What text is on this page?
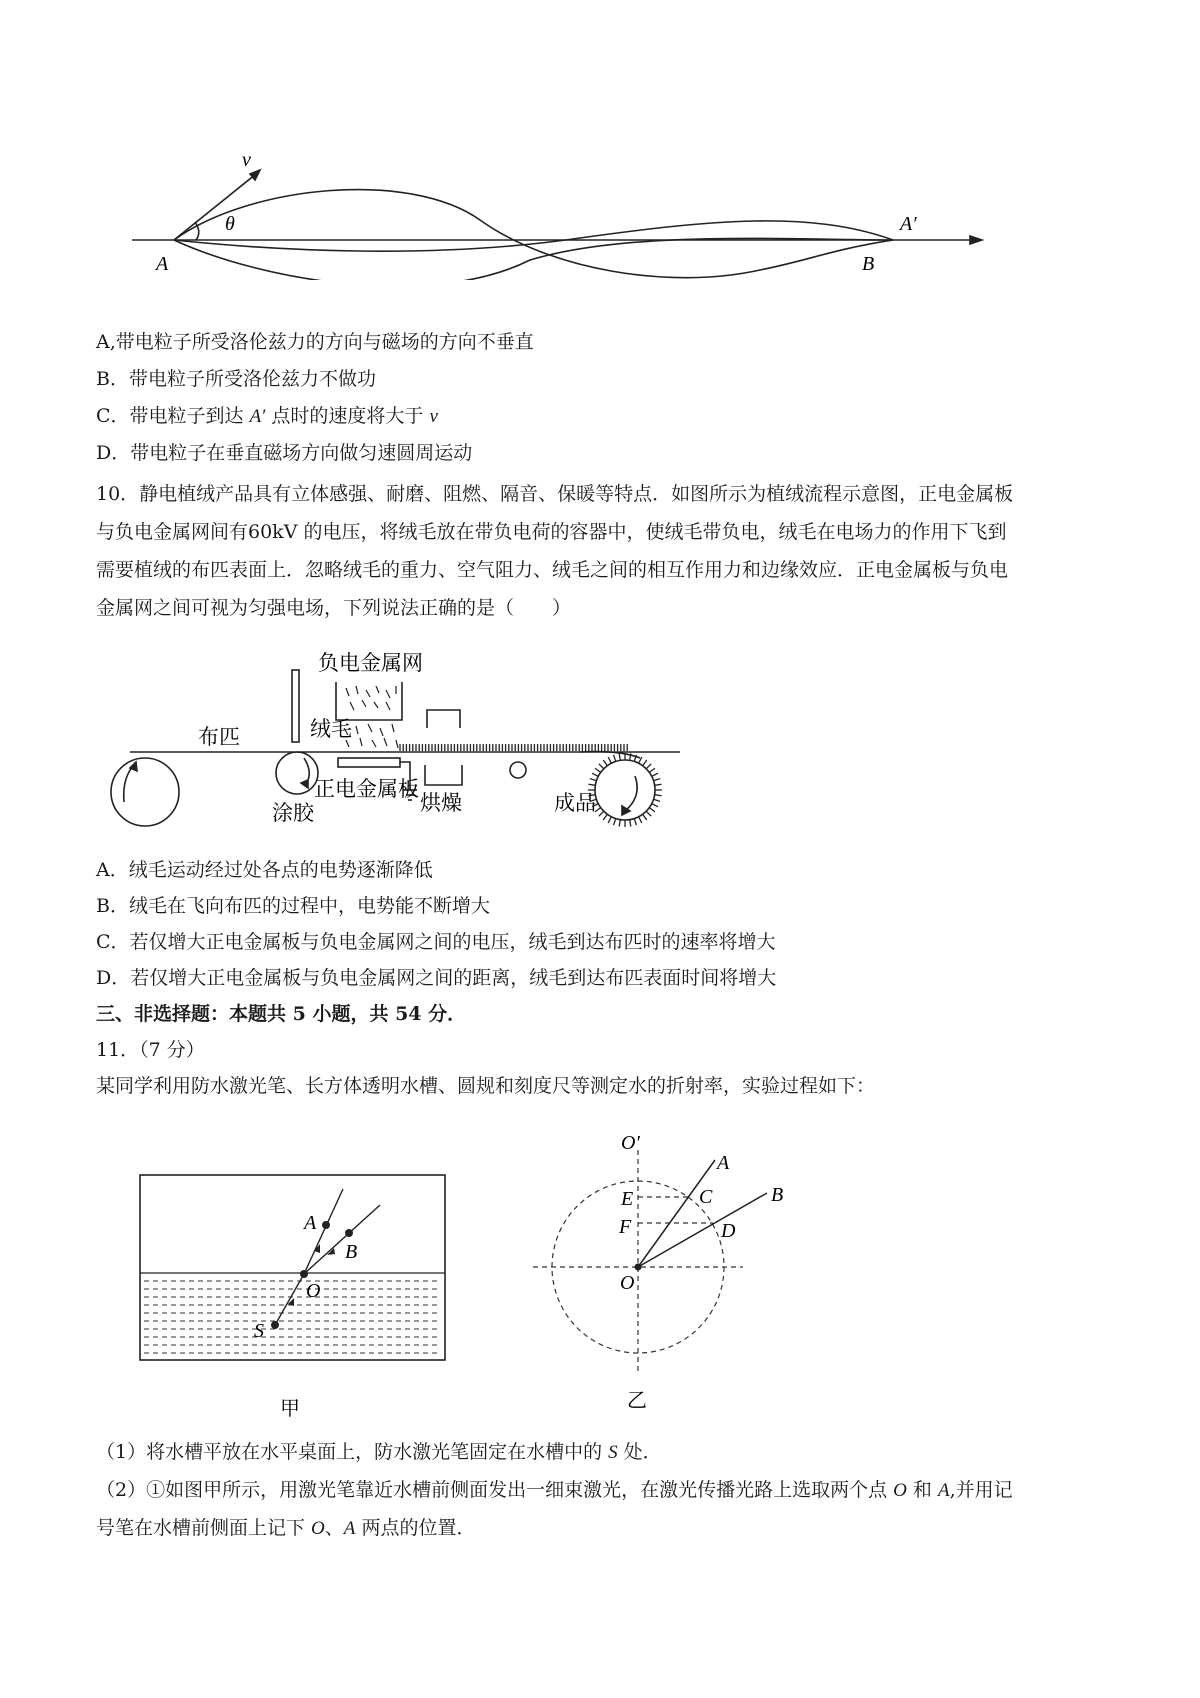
v
θ
A
A′
B
A,带电粒子所受洛伦兹力的方向与磁场的方向不垂直
B．带电粒子所受洛伦兹力不做功
C．带电粒子到达 A′ 点时的速度将大于 v
D．带电粒子在垂直磁场方向做匀速圆周运动
10．静电植绒产品具有立体感强、耐磨、阻燃、隔音、保暖等特点．如图所示为植绒流程示意图，正电金属板
与负电金属网间有60kV 的电压，将绒毛放在带负电荷的容器中，使绒毛带负电，绒毛在电场力的作用下飞到
需要植绒的布匹表面上．忽略绒毛的重力、空气阻力、绒毛之间的相互作用力和边缘效应．正电金属板与负电
金属网之间可视为匀强电场，下列说法正确的是（　　）
负电金属网
布匹	绒毛
正电金属板
涂胶	烘燥	成品
A．绒毛运动经过处各点的电势逐渐降低
B．绒毛在飞向布匹的过程中，电势能不断增大
C．若仅增大正电金属板与负电金属网之间的电压，绒毛到达布匹时的速率将增大
D．若仅增大正电金属板与负电金属网之间的距离，绒毛到达布匹表面时间将增大
三、非选择题：本题共 5 小题，共 54 分．
11．（7 分）
某同学利用防水激光笔、长方体透明水槽、圆规和刻度尺等测定水的折射率，实验过程如下：
A
B
O
S
甲
O′
A
B
C
D
E
F
O
乙
（1）将水槽平放在水平桌面上，防水激光笔固定在水槽中的 S 处．
（2）①如图甲所示，用激光笔靠近水槽前侧面发出一细束激光，在激光传播光路上选取两个点 O 和 A,并用记
号笔在水槽前侧面上记下 O、A 两点的位置．
